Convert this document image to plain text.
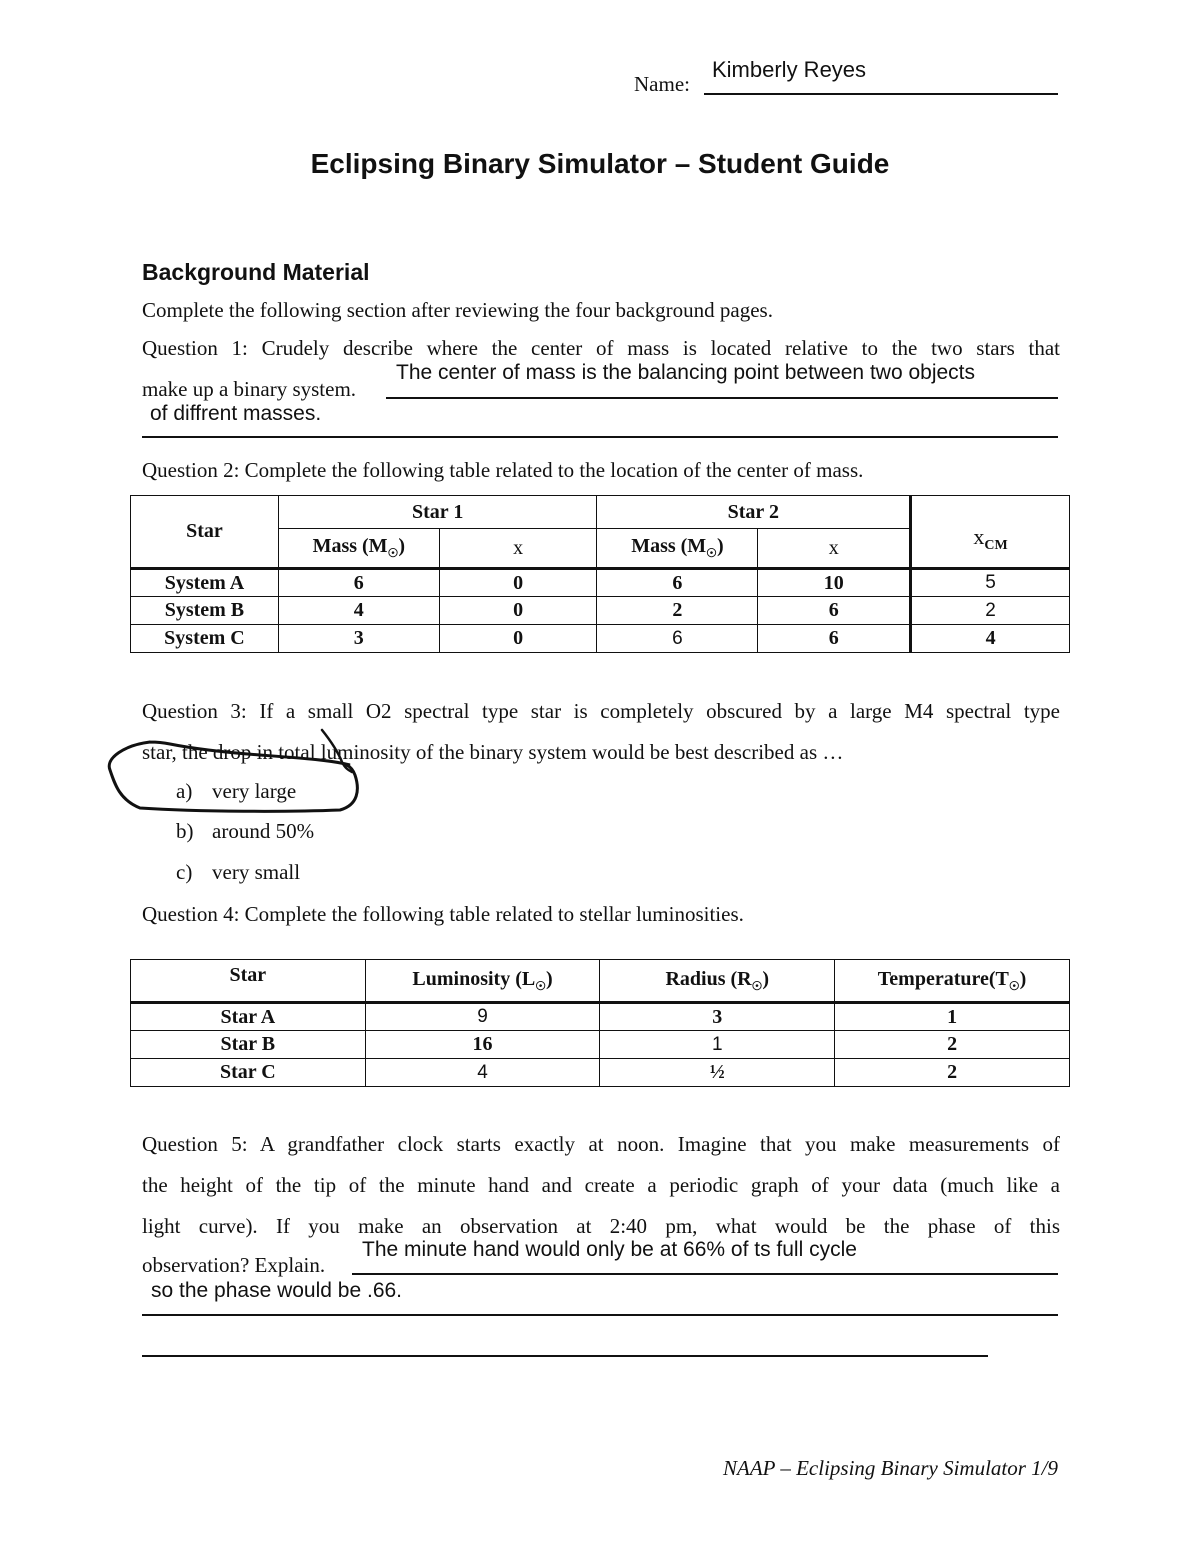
Name:
Kimberly Reyes
Eclipsing Binary Simulator – Student Guide
Background Material
Complete the following section after reviewing the four background pages.
Question 1: Crudely describe where the center of mass is located relative to the two stars that
make up a binary system.
The center of mass is the balancing point between two objects
of diffrent masses.
Question 2: Complete the following table related to the location of the center of mass.
Star	Star 1		Star 2		$x_{CM}$
	Mass $(M_☉)$	x	Mass $(M_☉)$	x	
System A	6	0	6	10	5
System B	4	0	2	6	2
System C	3	0	6	6	4
Question 3: If a small O2 spectral type star is completely obscured by a large M4 spectral type
star, the drop in total luminosity of the binary system would be best described as …
a) very large
b) around 50%
c) very small
Question 4: Complete the following table related to stellar luminosities.
Star	Luminosity $(L_☉)$	Radius $(R_☉)$	$Temperature(T_☉)$
Star A	9	3	1
Star B	16	1	2
Star C	4	½	2
Question 5: A grandfather clock starts exactly at noon. Imagine that you make measurements of
the height of the tip of the minute hand and create a periodic graph of your data (much like a
light curve). If you make an observation at 2:40 pm, what would be the phase of this
observation? Explain.
The minute hand would only be at 66% of ts full cycle
so the phase would be .66.
NAAP – Eclipsing Binary Simulator 1/9
